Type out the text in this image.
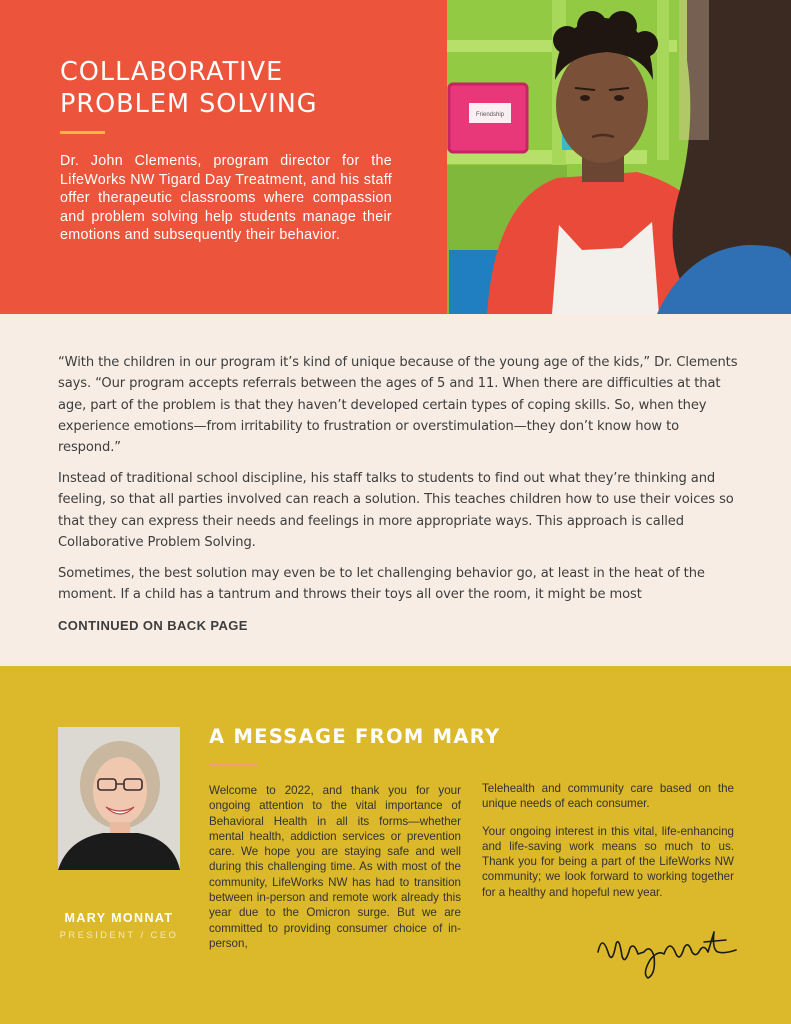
COLLABORATIVE PROBLEM SOLVING

Dr. John Clements, program director for the LifeWorks NW Tigard Day Treatment, and his staff offer therapeutic classrooms where compassion and problem solving help students manage their emotions and subsequently their behavior.

Friendship

“With the children in our program it’s kind of unique because of the young age of the kids,” Dr. Clements says. “Our program accepts referrals between the ages of 5 and 11. When there are difficulties at that age, part of the problem is that they haven’t developed certain types of coping skills. So, when they experience emotions—from irritability to frustration or overstimulation—they don’t know how to respond.”

Instead of traditional school discipline, his staff talks to students to find out what they’re thinking and feeling, so that all parties involved can reach a solution. This teaches children how to use their voices so that they can express their needs and feelings in more appropriate ways. This approach is called Collaborative Problem Solving.

Sometimes, the best solution may even be to let challenging behavior go, at least in the heat of the moment. If a child has a tantrum and throws their toys all over the room, it might be most

CONTINUED ON BACK PAGE
MARY MONNAT
PRESIDENT / CEO
A MESSAGE FROM MARY

Welcome to 2022, and thank you for your ongoing attention to the vital importance of Behavioral Health in all its forms—whether mental health, addiction services or prevention care. We hope you are staying safe and well during this challenging time. As with most of the community, LifeWorks NW has had to transition between in-person and remote work already this year due to the Omicron surge. But we are committed to providing consumer choice of in-person,

Telehealth and community care based on the unique needs of each consumer.

Your ongoing interest in this vital, life-enhancing and life-saving work means so much to us. Thank you for being a part of the LifeWorks NW community; we look forward to working together for a healthy and hopeful new year.
